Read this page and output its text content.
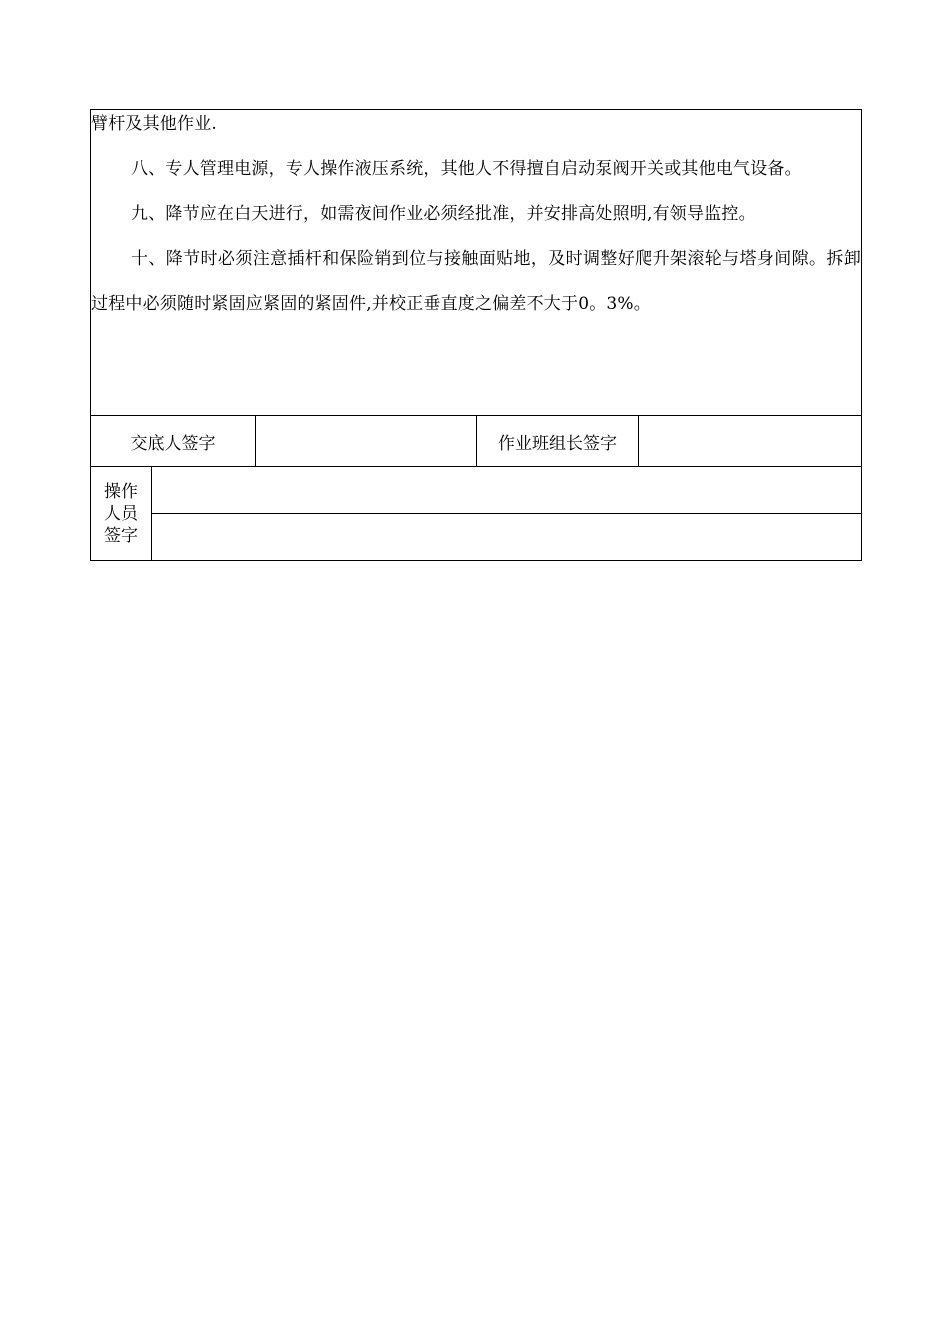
臂杆及其他作业.

八、专人管理电源，专人操作液压系统，其他人不得擅自启动泵阀开关或其他电气设备。

九、降节应在白天进行，如需夜间作业必须经批准，并安排高处照明,有领导监控。

十、降节时必须注意插杆和保险销到位与接触面贴地，及时调整好爬升架滚轮与塔身间隙。拆卸过程中必须随时紧固应紧固的紧固件,并校正垂直度之偏差不大于0。3%。				

交底人签字			作业班组长签字	

操作
人员
签字				
